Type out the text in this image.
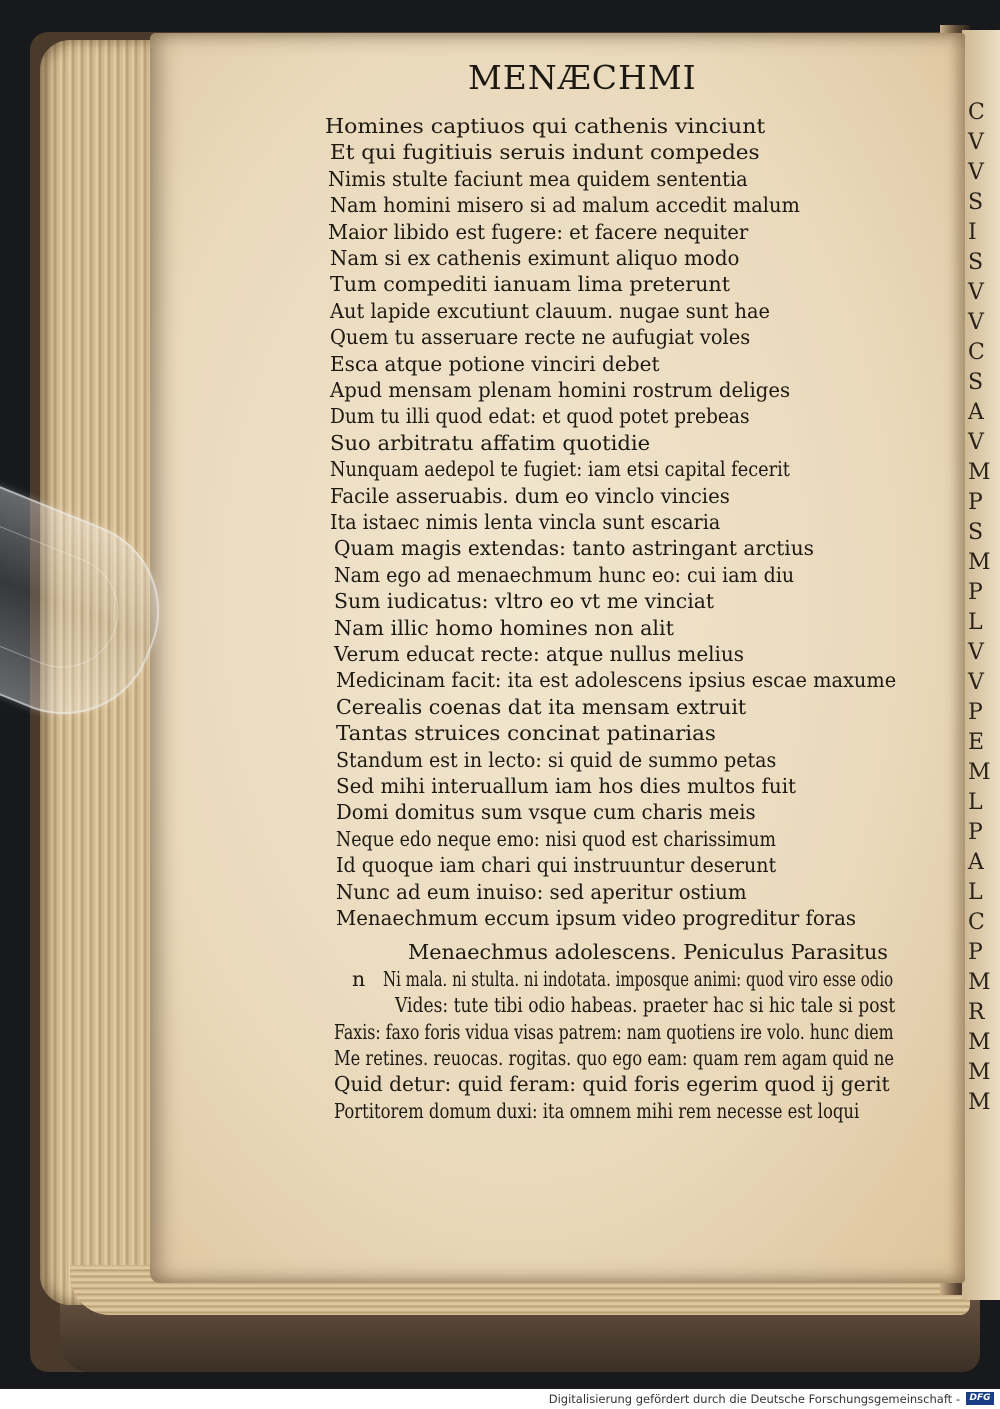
C
V
V
S
I
S
V
V
C
S
A
V
M
P
S
M
P
L
V
V
P
E
M
L
P
A
L
C
P
M
R
M
M
M
MENÆCHMI
Homines captiuos qui cathenis vinciunt
Et qui fugitiuis seruis indunt compedes
Nimis stulte faciunt mea quidem sententia
Nam homini misero si ad malum accedit malum
Maior libido est fugere: et facere nequiter
Nam si ex cathenis eximunt aliquo modo
Tum compediti ianuam lima preterunt
Aut lapide excutiunt clauum. nugae sunt hae
Quem tu asseruare recte ne aufugiat voles
Esca atque potione vinciri debet
Apud mensam plenam homini rostrum deliges
Dum tu illi quod edat: et quod potet prebeas
Suo arbitratu affatim quotidie
Nunquam aedepol te fugiet: iam etsi capital fecerit
Facile asseruabis. dum eo vinclo vincies
Ita istaec nimis lenta vincla sunt escaria
Quam magis extendas: tanto astringant arctius
Nam ego ad menaechmum hunc eo: cui iam diu
Sum iudicatus: vltro eo vt me vinciat
Nam illic homo homines non alit
Verum educat recte: atque nullus melius
Medicinam facit: ita est adolescens ipsius escae maxume
Cerealis coenas dat ita mensam extruit
Tantas struices concinat patinarias
Standum est in lecto: si quid de summo petas
Sed mihi interuallum iam hos dies multos fuit
Domi domitus sum vsque cum charis meis
Neque edo neque emo: nisi quod est charissimum
Id quoque iam chari qui instruuntur deserunt
Nunc ad eum inuiso: sed aperitur ostium
Menaechmum eccum ipsum video progreditur foras
Menaechmus adolescens. Peniculus Parasitus
Ni mala. ni stulta. ni indotata. imposque animi: quod viro esse odio
Vides: tute tibi odio habeas. praeter hac si hic tale si post
Faxis: faxo foris vidua visas patrem: nam quotiens ire volo. hunc diem
Me retines. reuocas. rogitas. quo ego eam: quam rem agam quid ne
Quid detur: quid feram: quid foris egerim quod ij gerit
Portitorem domum duxi: ita omnem mihi rem necesse est loqui
n
Digitalisierung gefördert durch die Deutsche Forschungsgemeinschaft -	DFG
